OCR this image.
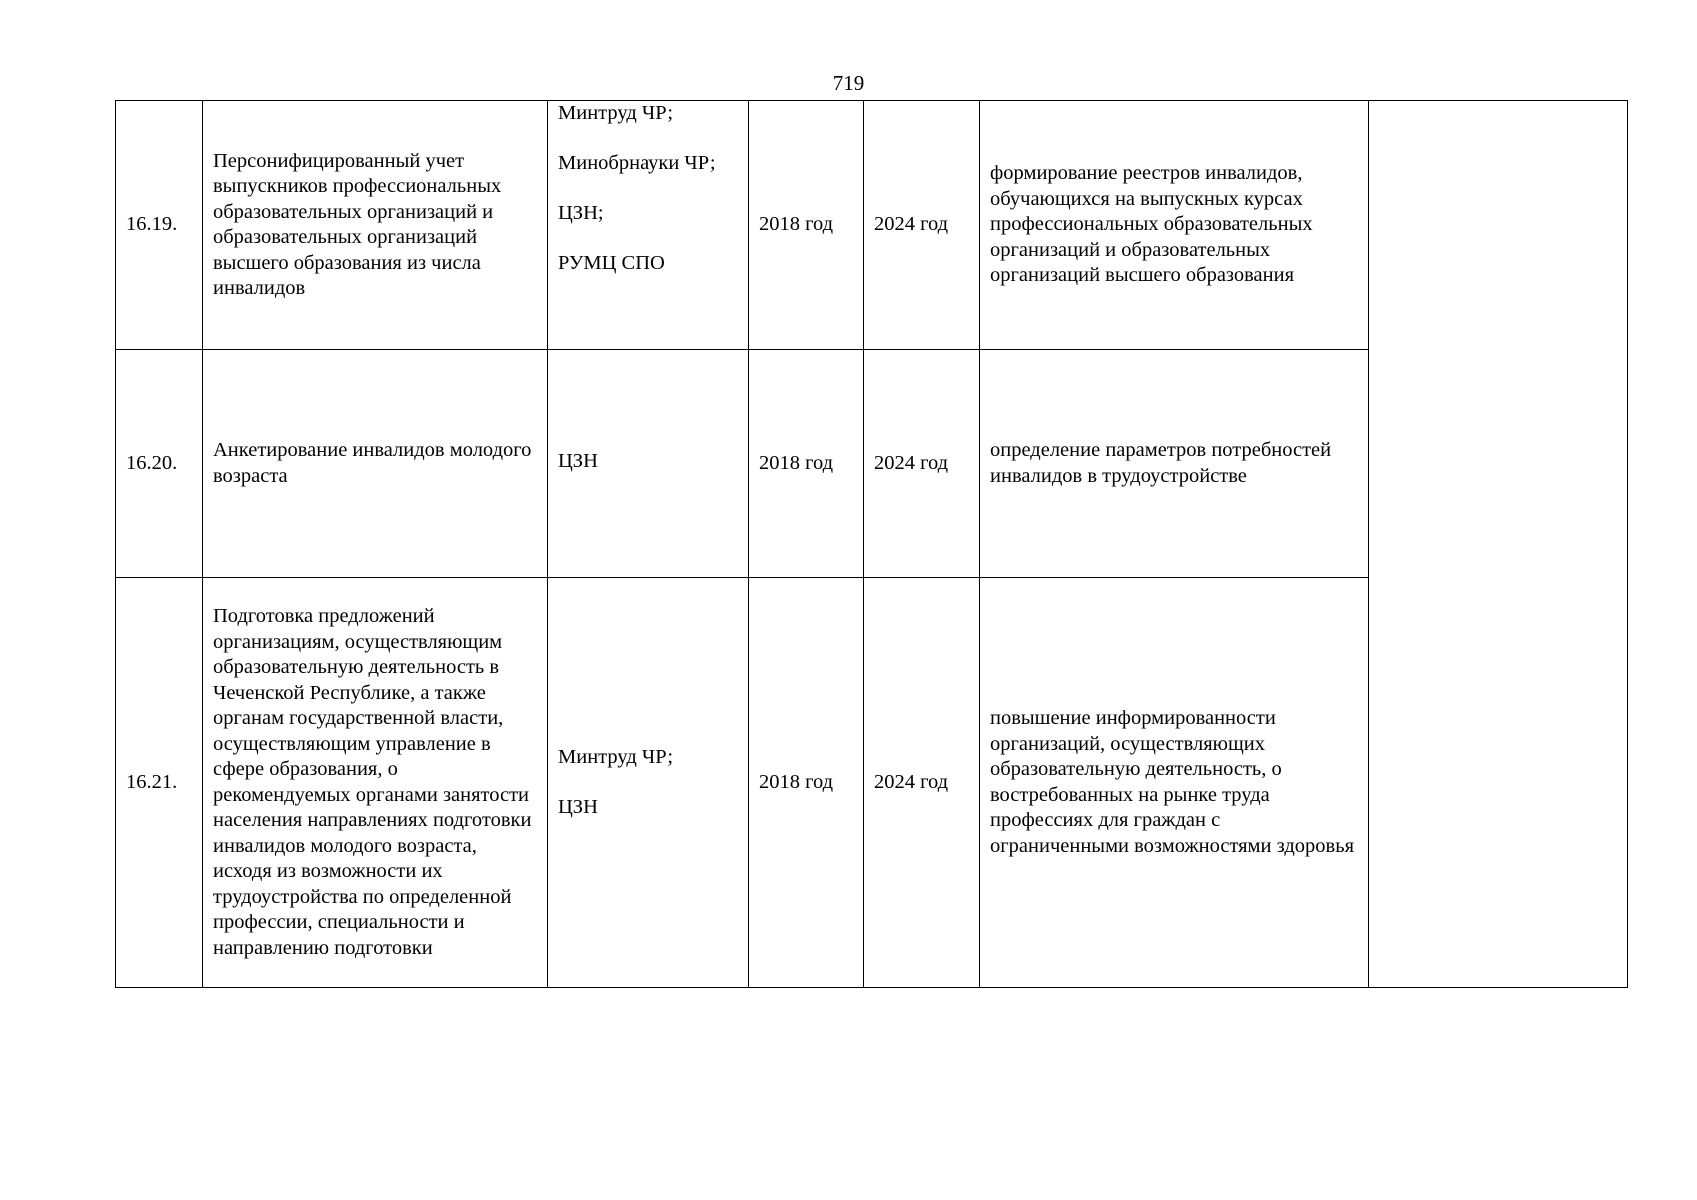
719
16.19.	Персонифицированный учет выпускников профессиональных образовательных организаций и образовательных организаций высшего образования из числа инвалидов	Минтруд ЧР;
Минобрнауки ЧР;
ЦЗН;
РУМЦ СПО	2018 год	2024 год	формирование реестров инвалидов, обучающихся на выпускных курсах профессиональных образовательных организаций и образовательных организаций высшего образования	
16.20.	Анкетирование инвалидов молодого возраста	ЦЗН	2018 год	2024 год	определение параметров потребностей инвалидов в трудоустройстве	
16.21.	Подготовка предложений организациям, осуществляющим образовательную деятельность в Чеченской Республике, а также органам государственной власти, осуществляющим управление в сфере образования, о рекомендуемых органами занятости населения направлениях подготовки инвалидов молодого возраста, исходя из возможности их трудоустройства по определенной профессии, специальности и направлению подготовки	Минтруд ЧР;
ЦЗН	2018 год	2024 год	повышение информированности организаций, осуществляющих образовательную деятельность, о востребованных на рынке труда профессиях для граждан с ограниченными возможностями здоровья	
